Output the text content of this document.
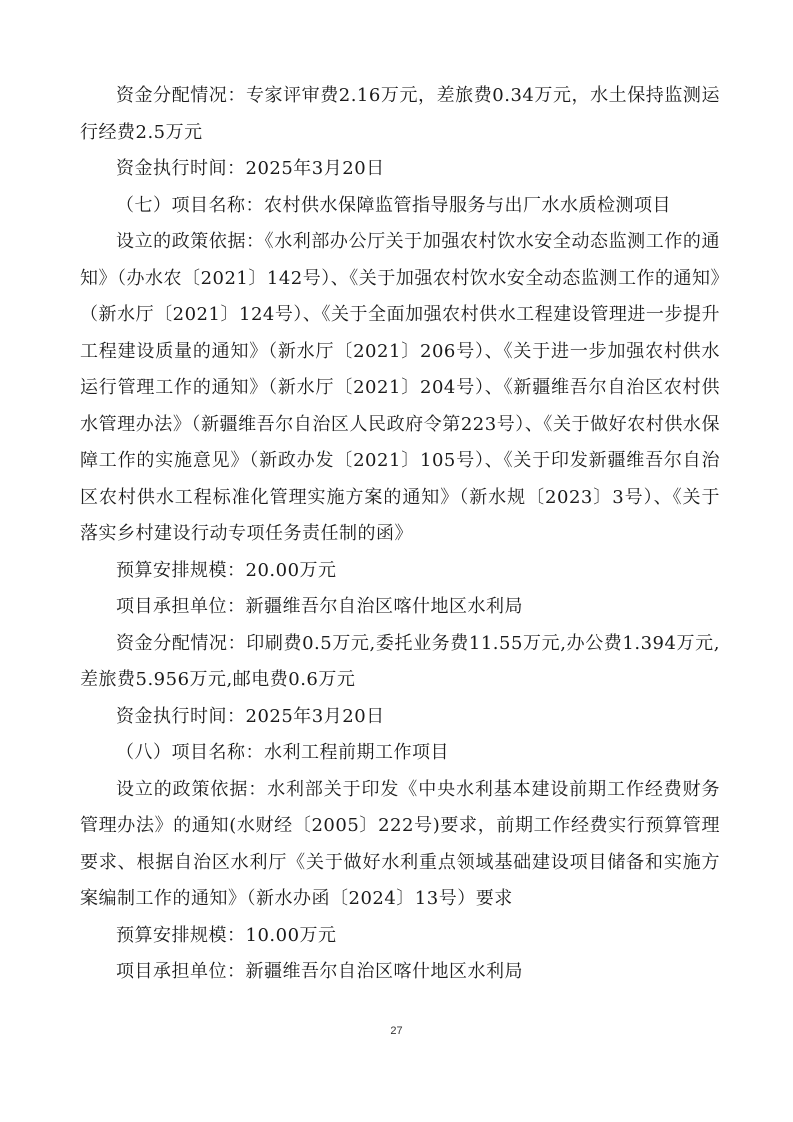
资金分配情况：专家评审费2.16万元，差旅费0.34万元，水土保持监测运行经费2.5万元

资金执行时间：2025年3月20日

（七）项目名称：农村供水保障监管指导服务与出厂水水质检测项目

设立的政策依据：《水利部办公厅关于加强农村饮水安全动态监测工作的通知》（办水农〔2021〕142号）、《关于加强农村饮水安全动态监测工作的通知》（新水厅〔2021〕124号）、《关于全面加强农村供水工程建设管理进一步提升工程建设质量的通知》（新水厅〔2021〕206号）、《关于进一步加强农村供水运行管理工作的通知》（新水厅〔2021〕204号）、《新疆维吾尔自治区农村供水管理办法》（新疆维吾尔自治区人民政府令第223号）、《关于做好农村供水保障工作的实施意见》（新政办发〔2021〕105号）、《关于印发新疆维吾尔自治区农村供水工程标准化管理实施方案的通知》（新水规〔2023〕3号）、《关于落实乡村建设行动专项任务责任制的函》

预算安排规模：20.00万元

项目承担单位：新疆维吾尔自治区喀什地区水利局

资金分配情况：印刷费0.5万元,委托业务费11.55万元,办公费1.394万元,差旅费5.956万元,邮电费0.6万元

资金执行时间：2025年3月20日

（八）项目名称：水利工程前期工作项目

设立的政策依据：水利部关于印发《中央水利基本建设前期工作经费财务管理办法》的通知(水财经〔2005〕222号)要求，前期工作经费实行预算管理要求、根据自治区水利厅《关于做好水利重点领域基础建设项目储备和实施方案编制工作的通知》（新水办函〔2024〕13号）要求

预算安排规模：10.00万元

项目承担单位：新疆维吾尔自治区喀什地区水利局

27
